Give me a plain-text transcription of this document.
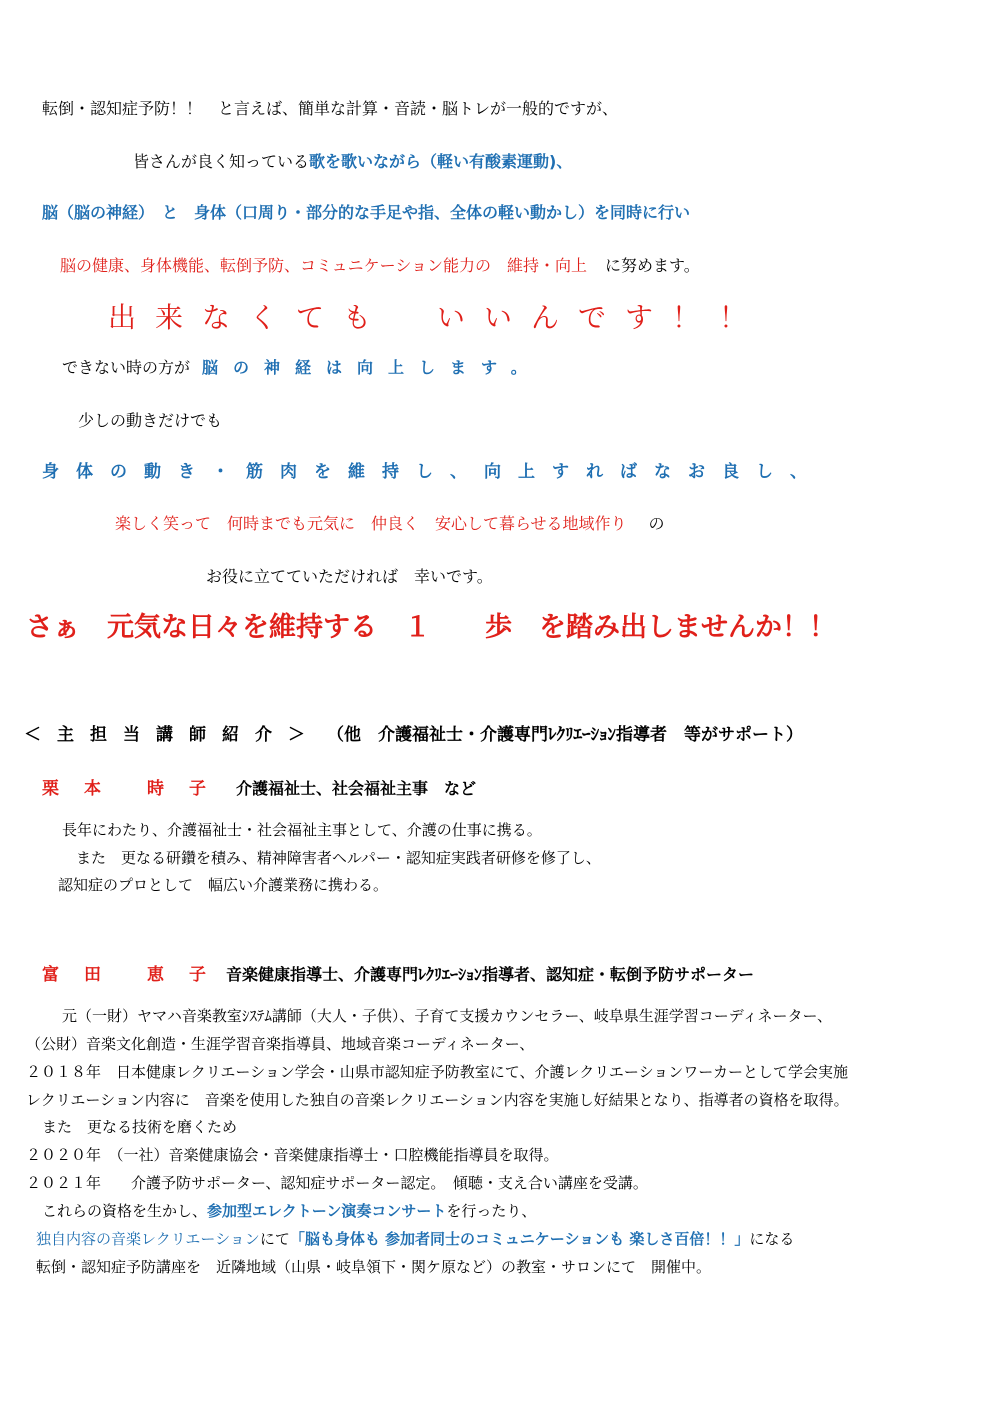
転倒・認知症予防！！　と言えば、簡単な計算・音読・脳トレが一般的ですが、
皆さんが良く知っている歌を歌いながら（軽い有酸素運動)、
脳（脳の神経）　と　身体（口周り・部分的な手足や指、全体の軽い動かし）を同時に行い
脳の健康、身体機能、転倒予防、コミュニケーション能力の　維持・向上 に努めます。
出来なくても　いいんです！！
できない時の方が 脳の神経は向上します。
少しの動きだけでも
身体の動き・筋肉を維持し、向上すればなお良し、
楽しく笑って　何時までも元気に　仲良く　安心して暮らせる地域作り の
お役に立てていただければ　幸いです。
さぁ　元気な日々を維持する　１　　歩　を踏み出しませんか！！
＜主担当講師紹介＞ （他　介護福祉士・介護専門ﾚｸﾘｴｰｼｮﾝ指導者　等がサポート）
栗　本　　時　子 介護福祉士、社会福祉主事　など
長年にわたり、介護福祉士・社会福祉主事として、介護の仕事に携る。
また　更なる研鑽を積み、精神障害者ヘルパー・認知症実践者研修を修了し、
認知症のプロとして　幅広い介護業務に携わる。
富　田　　恵　子 音楽健康指導士、介護専門ﾚｸﾘｴｰｼｮﾝ指導者、認知症・転倒予防サポーター
元（一財）ヤマハ音楽教室ｼｽﾃﾑ講師（大人・子供）、子育て支援カウンセラー、岐阜県生涯学習コーディネーター、
（公財）音楽文化創造・生涯学習音楽指導員、地域音楽コーディネーター、
２０１８年　日本健康レクリエーション学会・山県市認知症予防教室にて、介護レクリエーションワーカーとして学会実施
レクリエーション内容に　音楽を使用した独自の音楽レクリエーション内容を実施し好結果となり、指導者の資格を取得。
また　更なる技術を磨くため
２０２０年　（一社）音楽健康協会・音楽健康指導士・口腔機能指導員を取得。
２０２１年　　介護予防サポーター、認知症サポーター認定。　傾聴・支え合い講座を受講。
これらの資格を生かし、参加型エレクトーン演奏コンサートを行ったり、
独自内容の音楽レクリエーションにて「脳も身体も 参加者同士のコミュニケーションも 楽しさ百倍！！」になる
転倒・認知症予防講座を　近隣地域（山県・岐阜領下・関ケ原など）の教室・サロンにて　開催中。
